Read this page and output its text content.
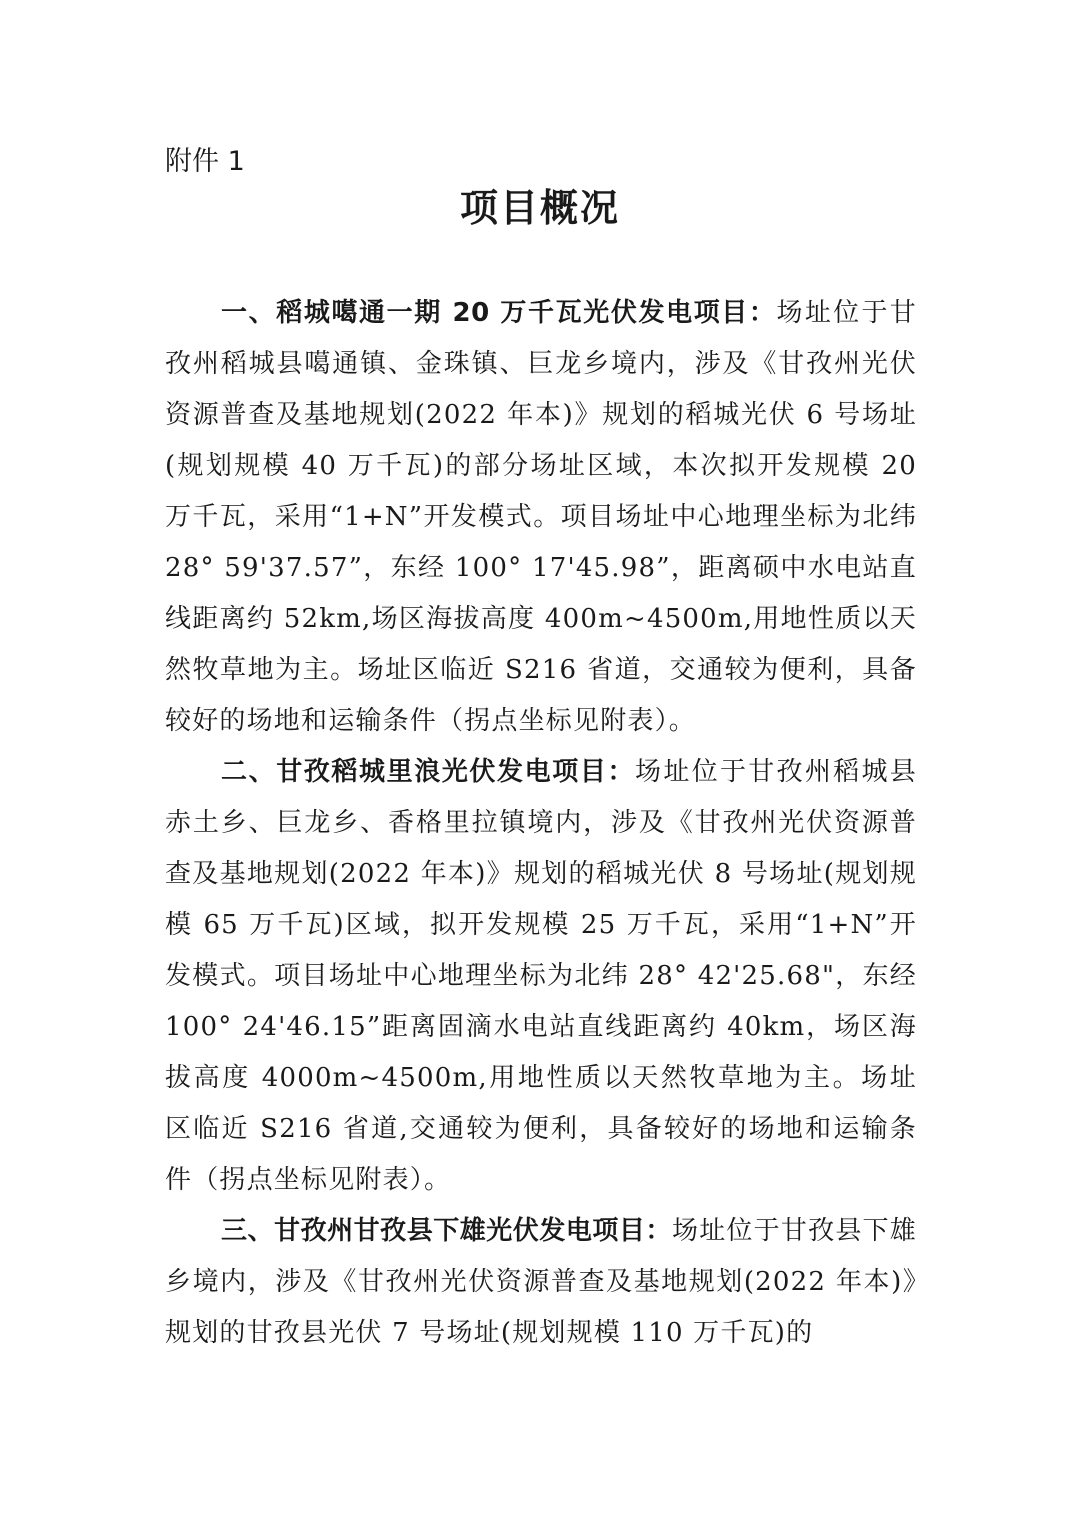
附件 1

项目概况

一、稻城噶通一期 20 万千瓦光伏发电项目：场址位于甘孜州稻城县噶通镇、金珠镇、巨龙乡境内，涉及《甘孜州光伏资源普查及基地规划(2022 年本)》规划的稻城光伏 6 号场址(规划规模 40 万千瓦)的部分场址区域，本次拟开发规模 20 万千瓦，采用“1+N”开发模式。项目场址中心地理坐标为北纬 28° 59'37.57”，东经 100° 17'45.98”，距离硕中水电站直线距离约 52km,场区海拔高度 400m~4500m,用地性质以天然牧草地为主。场址区临近 S216 省道，交通较为便利，具备较好的场地和运输条件（拐点坐标见附表）。

二、甘孜稻城里浪光伏发电项目：场址位于甘孜州稻城县赤土乡、巨龙乡、香格里拉镇境内，涉及《甘孜州光伏资源普查及基地规划(2022 年本)》规划的稻城光伏 8 号场址(规划规模 65 万千瓦)区域，拟开发规模 25 万千瓦，采用“1+N”开发模式。项目场址中心地理坐标为北纬 28° 42'25.68"，东经 100° 24'46.15”距离固滴水电站直线距离约 40km，场区海拔高度 4000m~4500m,用地性质以天然牧草地为主。场址区临近 S216 省道,交通较为便利，具备较好的场地和运输条件（拐点坐标见附表）。

三、甘孜州甘孜县下雄光伏发电项目：场址位于甘孜县下雄乡境内，涉及《甘孜州光伏资源普查及基地规划(2022 年本)》规划的甘孜县光伏 7 号场址(规划规模 110 万千瓦)的
